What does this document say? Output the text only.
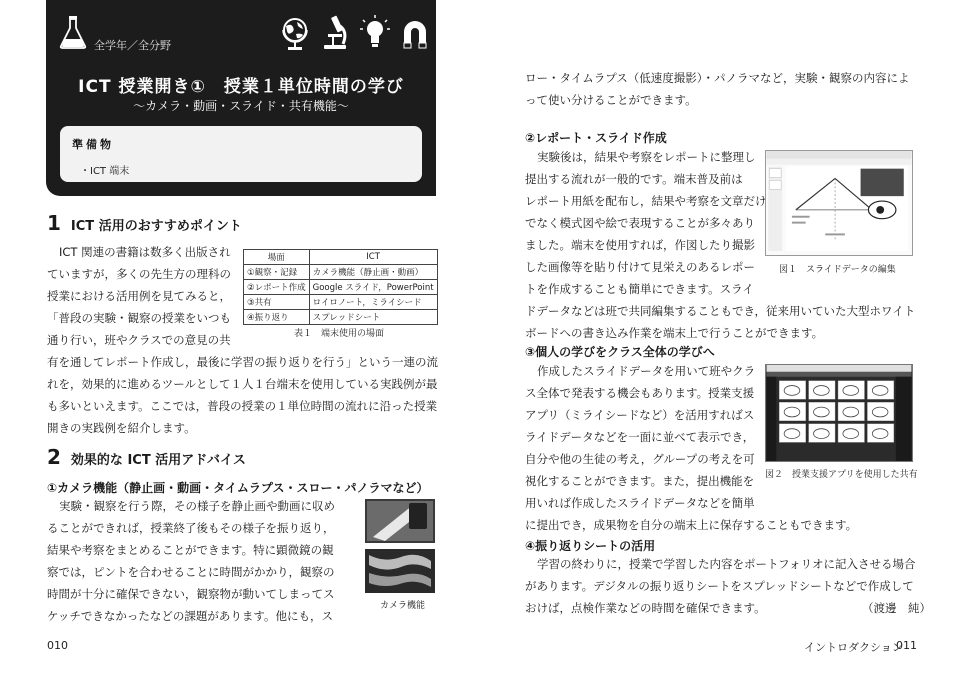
全学年／全分野
ICT 授業開き①　授業１単位時間の学び
～カメラ・動画・スライド・共有機能～
準備物
・ICT 端末
1 ICT 活用のおすすめポイント
ICT 関連の書籍は数多く出版され
ていますが，多くの先生方の理科の
授業における活用例を見てみると，
「普段の実験・観察の授業をいつも
通り行い，班やクラスでの意見の共
有を通してレポート作成し，最後に学習の振り返りを行う」という一連の流
れを，効果的に進めるツールとして１人１台端末を使用している実践例が最
も多いといえます。ここでは，普段の授業の１単位時間の流れに沿った授業
開きの実践例を紹介します。
場面	ICT
①観察・記録	カメラ機能（静止画・動画）
②レポート作成	Google スライド，PowerPoint
③共有	ロイロノート，ミライシード
④振り返り	スプレッドシート
表１　端末使用の場面
2 効果的な ICT 活用アドバイス
①カメラ機能（静止画・動画・タイムラプス・スロー・パノラマなど）
実験・観察を行う際，その様子を静止画や動画に収め
ることができれば，授業終了後もその様子を振り返り，
結果や考察をまとめることができます。特に顕微鏡の観
察では，ピントを合わせることに時間がかかり，観察の
時間が十分に確保できない，観察物が動いてしまってス
ケッチできなかったなどの課題があります。他にも，ス
カメラ機能
010
ロー・タイムラプス（低速度撮影）・パノラマなど，実験・観察の内容によ
って使い分けることができます。
②レポート・スライド作成
実験後は，結果や考察をレポートに整理し
提出する流れが一般的です。端末普及前は
レポート用紙を配布し，結果や考察を文章だけ
でなく模式図や絵で表現することが多々あり
ました。端末を使用すれば，作図したり撮影
した画像等を貼り付けて見栄えのあるレポー
トを作成することも簡単にできます。スライ
ドデータなどは班で共同編集することもでき，従来用いていた大型ホワイト
ボードへの書き込み作業を端末上で行うことができます。
図１　スライドデータの編集
③個人の学びをクラス全体の学びへ
作成したスライドデータを用いて班やクラ
ス全体で発表する機会もあります。授業支援
アプリ（ミライシードなど）を活用すればス
ライドデータなどを一面に並べて表示でき，
自分や他の生徒の考え，グループの考えを可
視化することができます。また，提出機能を
用いれば作成したスライドデータなどを簡単
に提出でき，成果物を自分の端末上に保存することもできます。
図２　授業支援アプリを使用した共有
④振り返りシートの活用
学習の終わりに，授業で学習した内容をポートフォリオに記入させる場合
があります。デジタルの振り返りシートをスプレッドシートなどで作成して
おけば，点検作業などの時間を確保できます。	（渡邊　純）
イントロダクション
011
